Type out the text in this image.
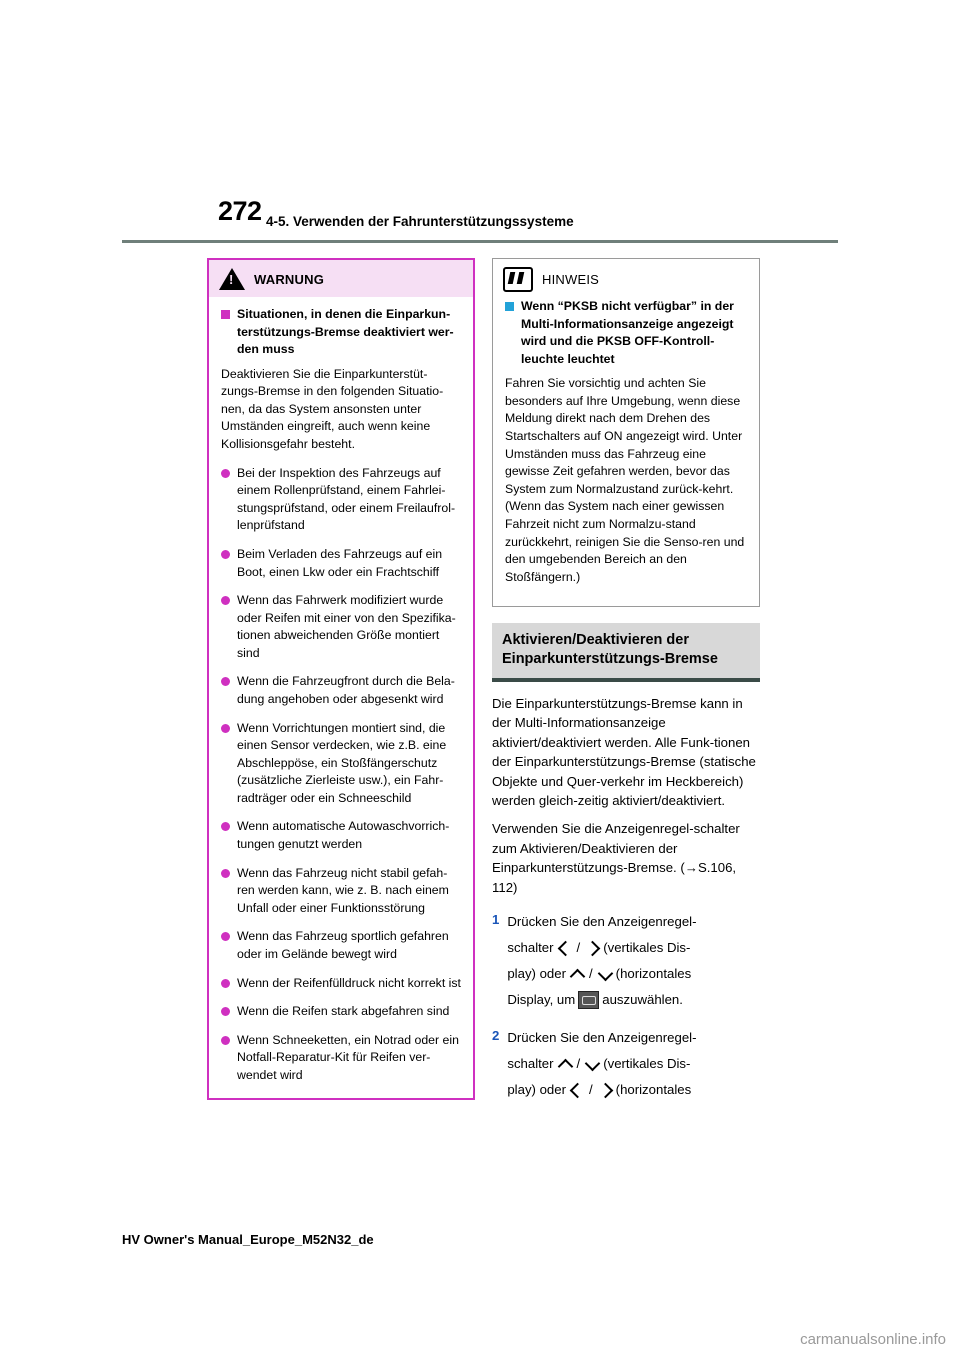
272 4-5. Verwenden der Fahrunterstützungssysteme
!
WARNUNG
Situationen, in denen die Einparkun-terstützungs-Bremse deaktiviert wer-den muss

Deaktivieren Sie die Einparkunterstüt-zungs-Bremse in den folgenden Situatio-nen, da das System ansonsten unter Umständen eingreift, auch wenn keine Kollisionsgefahr besteht.

Bei der Inspektion des Fahrzeugs auf einem Rollenprüfstand, einem Fahrlei-stungsprüfstand, oder einem Freilaufrol-lenprüfstand
Beim Verladen des Fahrzeugs auf ein Boot, einen Lkw oder ein Frachtschiff
Wenn das Fahrwerk modifiziert wurde oder Reifen mit einer von den Spezifika-tionen abweichenden Größe montiert sind
Wenn die Fahrzeugfront durch die Bela-dung angehoben oder abgesenkt wird
Wenn Vorrichtungen montiert sind, die einen Sensor verdecken, wie z.B. eine Abschleppöse, ein Stoßfängerschutz (zusätzliche Zierleiste usw.), ein Fahr-radträger oder ein Schneeschild
Wenn automatische Autowaschvorrich-tungen genutzt werden
Wenn das Fahrzeug nicht stabil gefah-ren werden kann, wie z. B. nach einem Unfall oder einer Funktionsstörung
Wenn das Fahrzeug sportlich gefahren oder im Gelände bewegt wird
Wenn der Reifenfülldruck nicht korrekt ist
Wenn die Reifen stark abgefahren sind
Wenn Schneeketten, ein Notrad oder ein Notfall-Reparatur-Kit für Reifen ver-wendet wird
HINWEIS
Wenn “PKSB nicht verfügbar” in der Multi-Informationsanzeige angezeigt wird und die PKSB OFF-Kontroll-leuchte leuchtet

Fahren Sie vorsichtig und achten Sie besonders auf Ihre Umgebung, wenn diese Meldung direkt nach dem Drehen des Startschalters auf ON angezeigt wird. Unter Umständen muss das Fahrzeug eine gewisse Zeit gefahren werden, bevor das System zum Normalzustand zurück-kehrt. (Wenn das System nach einer gewissen Fahrzeit nicht zum Normalzu-stand zurückkehrt, reinigen Sie die Senso-ren und den umgebenden Bereich an den Stoßfängern.)

Aktivieren/Deaktivieren der Einparkunterstützungs-Bremse

Die Einparkunterstützungs-Bremse kann in der Multi-Informationsanzeige aktiviert/deaktiviert werden. Alle Funk-tionen der Einparkunterstützungs-Bremse (statische Objekte und Quer-verkehr im Heckbereich) werden gleich-zeitig aktiviert/deaktiviert.

Verwenden Sie die Anzeigenregel-schalter zum Aktivieren/Deaktivieren der Einparkunterstützungs-Bremse. (→S.106, 112)

1 Drücken Sie den Anzeigenregel-
schalter / (vertikales Dis-
play) oder / (horizontales
Display, um auszuwählen.
2 Drücken Sie den Anzeigenregel-
schalter / (vertikales Dis-
play) oder / (horizontales
HV Owner's Manual_Europe_M52N32_de
carmanualsonline.info
